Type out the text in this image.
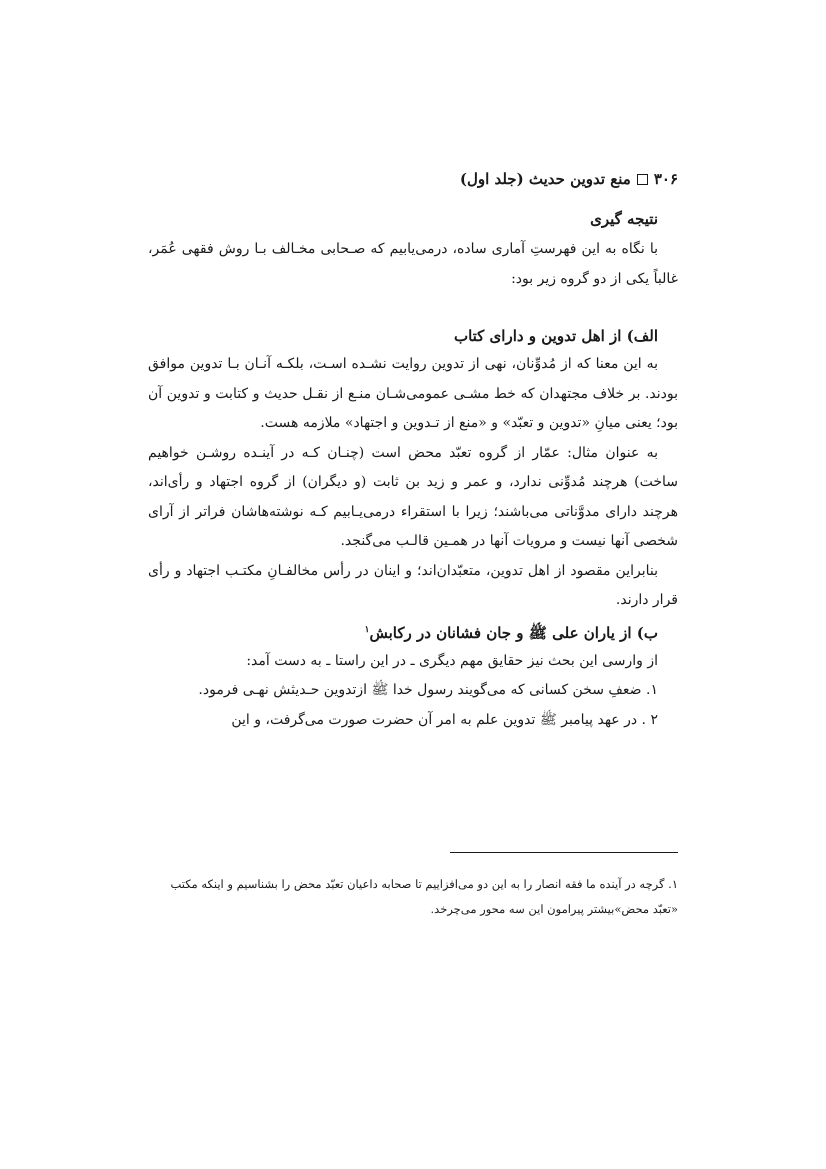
۳۰۶
منع تدوین حدیث (جلد اول)

نتیجه گیری

با نگاه به این فهرستِ آماری ساده، درمی‌یابیم که صـحابی مخـالف بـا روش فقهی عُمَر، غالباً یکی از دو گروه زیر بود:

الف) از اهل تدوین و دارای کتاب

به این معنا که از مُدوِّنان، نهی از تدوین روایت نشـده اسـت، بلکـه آنـان بـا تدوین موافق بودند. بر خلاف مجتهدان که خط مشـی عمومی‌شـان منـع از نقـل حدیث و کتابت و تدوین آن بود؛ یعنی میانِ «تدوین و تعبّد» و «منع از تـدوین و اجتهاد» ملازمه هست.

به عنوان مثال: عمّار از گروه تعبّد محض است (چنـان کـه در آینـده روشـن خواهیم ساخت) هرچند مُدوِّنی ندارد، و عمر و زید بن ثابت (و دیگران) از گروه اجتهاد و رأی‌اند، هرچند دارای مدوَّناتی می‌باشند؛ زیرا با استقراء درمی‌یـابیم کـه نوشته‌هاشان فراتر از آرای شخصی آنها نیست و مرویات آنها در همـین قالـب می‌گنجد.

بنابراین مقصود از اهل تدوین، متعبّدان‌اند؛ و اینان در رأس مخالفـانِ مکتـب اجتهاد و رأی قرار دارند.

ب) از یاران علی ﷺ و جان فشانان در رکابش$^۱$

از وارسی این بحث نیز حقایق مهم دیگری ـ در این راستا ـ به دست آمد:

۱. ضعفِ سخن کسانی که می‌گویند رسول خدا ﷺ ازتدوین حـدیثش نهـی فرمود.

۲ . در عهد پیامبر ﷺ تدوین علم به امر آن حضرت صورت می‌گرفت، و این

۱. گرچه در آینده ما فقه انصار را به این دو می‌افزاییم تا صحابه داعیان تعبّد محض را بشناسیم و اینکه مکتب «تعبّد محض»بیشتر پیرامون این سه محور می‌چرخد.
